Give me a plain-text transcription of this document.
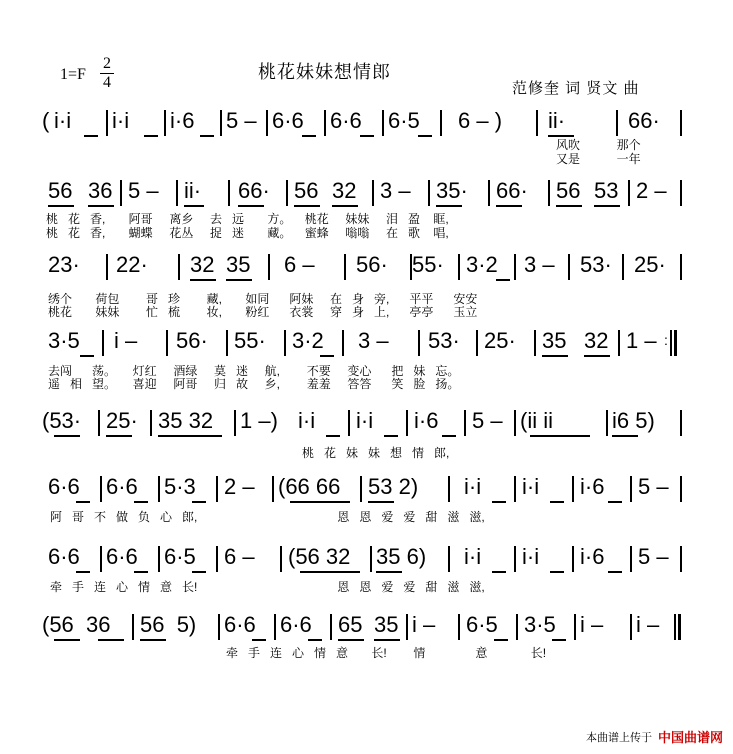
1=F
2
4
桃花妹妹想情郎
范修奎 词 贤文 曲
( i·i i·i i·6 5 – 6·6 6·6 6·5 6 – ) ii·	66·
风吹           那个
又是           一年
56 36 5 – ii· 66· 56 32 3 – 35· 66· 56 53 2 –
桃   花   香,       阿哥     离乡     去   远       方。    桃花     妹妹     泪   盈    眶,
桃   花   香,       蝴蝶     花丛     捉   迷       藏。    蜜蜂     嗡嗡     在   歌    唱,
23· 22· 32 35 6 – 56· 55· 3·2 3 – 53· 25·
绣个       荷包        哥   珍        藏,       如同      阿妹     在   身   旁,      平平      安安
桃花       妹妹        忙   梳        妆,       粉红      衣裳     穿   身   上,      亭亭      玉立
3·5 i – 56· 55· 3·2 3 – 53· 25· 35 32 1 – :
去闯      荡。     灯红     酒绿     莫   迷     航,        不要     变心      把   妹   忘。
遥   相   望。     喜迎     阿哥     归   故     乡,        羞羞     答答      笑   脸   扬。
(53· 25· 35 32 1 –) i·i i·i i·6 5 – (ii ii	i6 5)
桃   花   妹   妹   想   情   郎,
6·6 6·6 5·3 2 – (66 66 53 2) i·i i·i i·6 5 –
阿   哥   不   做   负   心   郎,                                          恩   恩   爱   爱   甜   滋   滋,
6·6 6·6 6·5 6 – (56 32 35 6) i·i i·i i·6 5 –
牵   手   连   心   情   意   长!                                          恩   恩   爱   爱   甜   滋   滋,
(56  36 56  5) 6·6 6·6 65 35 i – 6·5 3·5 i – i –
牵   手   连   心   情   意       长!        情               意             长!
本曲谱上传于 中国曲谱网
